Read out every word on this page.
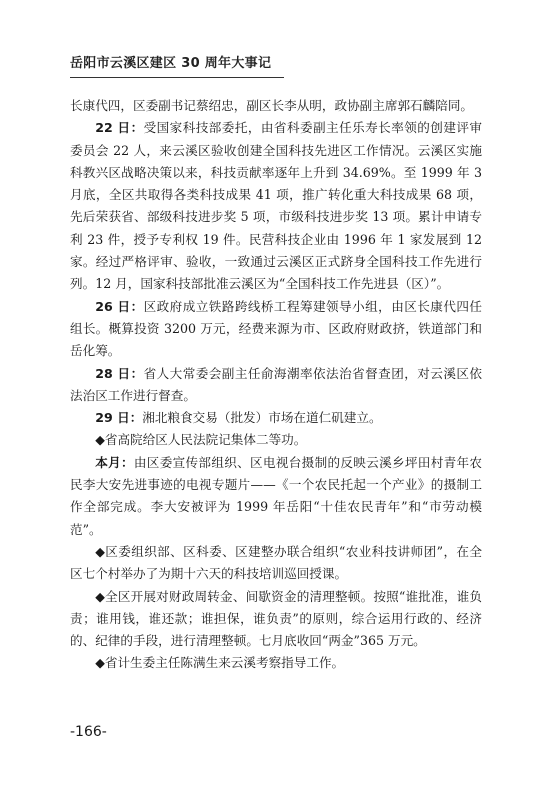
岳阳市云溪区建区 30 周年大事记

长康代四，区委副书记蔡绍忠，副区长李从明，政协副主席郭石麟陪同。

22 日：受国家科技部委托，由省科委副主任乐寿长率领的创建评审委员会 22 人，来云溪区验收创建全国科技先进区工作情况。云溪区实施科教兴区战略决策以来，科技贡献率逐年上升到 34.69%。至 1999 年 3 月底，全区共取得各类科技成果 41 项，推广转化重大科技成果 68 项，先后荣获省、部级科技进步奖 5 项，市级科技进步奖 13 项。累计申请专利 23 件，授予专利权 19 件。民营科技企业由 1996 年 1 家发展到 12 家。经过严格评审、验收，一致通过云溪区正式跻身全国科技工作先进行列。12 月，国家科技部批准云溪区为“全国科技工作先进县（区）”。

26 日：区政府成立铁路跨线桥工程筹建领导小组，由区长康代四任组长。概算投资 3200 万元，经费来源为市、区政府财政挤，铁道部门和岳化筹。

28 日：省人大常委会副主任俞海潮率依法治省督查团，对云溪区依法治区工作进行督查。

29 日：湘北粮食交易（批发）市场在道仁矶建立。

◆省高院给区人民法院记集体二等功。

本月：由区委宣传部组织、区电视台摄制的反映云溪乡坪田村青年农民李大安先进事迹的电视专题片——《一个农民托起一个产业》的摄制工作全部完成。李大安被评为 1999 年岳阳“十佳农民青年”和“市劳动模范”。

◆区委组织部、区科委、区建整办联合组织“农业科技讲师团”，在全区七个村举办了为期十六天的科技培训巡回授课。

◆全区开展对财政周转金、间歇资金的清理整顿。按照“谁批准，谁负责；谁用钱，谁还款；谁担保，谁负责”的原则，综合运用行政的、经济的、纪律的手段，进行清理整顿。七月底收回“两金”365 万元。

◆省计生委主任陈满生来云溪考察指导工作。

-166-
